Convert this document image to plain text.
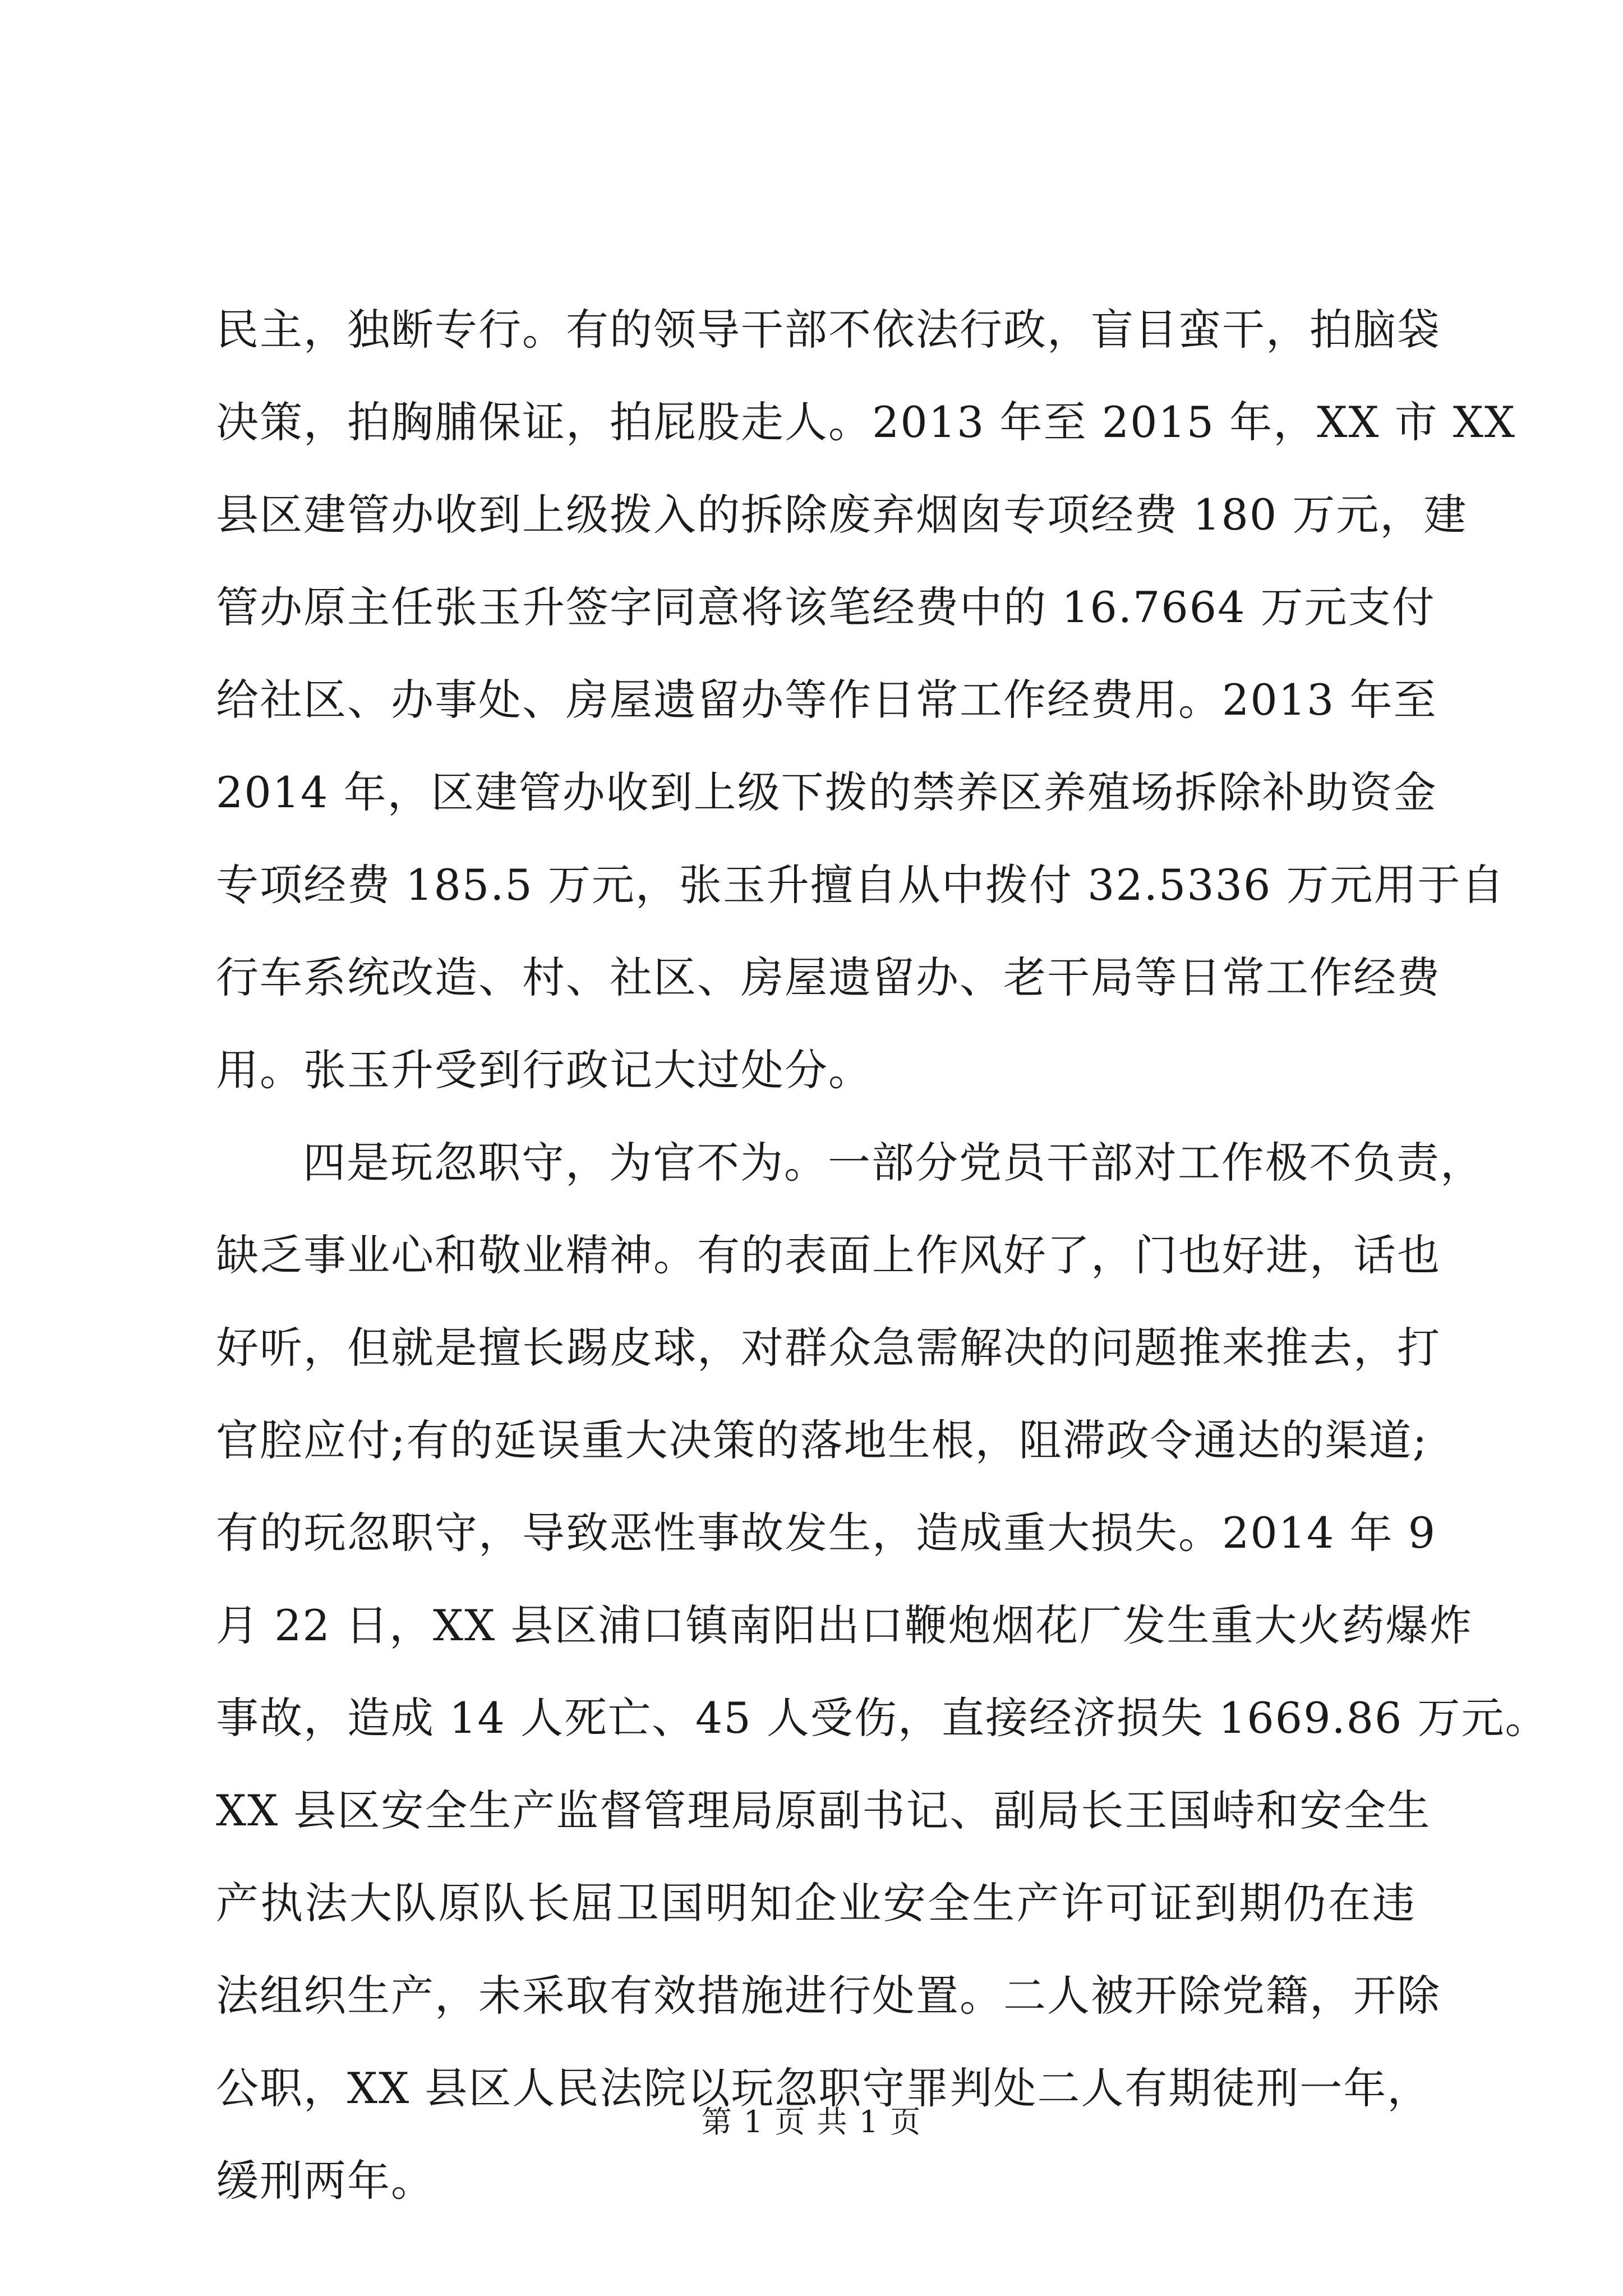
民主，独断专行。有的领导干部不依法行政，盲目蛮干，拍脑袋
决策，拍胸脯保证，拍屁股走人。2013 年至 2015 年，XX 市 XX
县区建管办收到上级拨入的拆除废弃烟囱专项经费 180 万元，建
管办原主任张玉升签字同意将该笔经费中的 16.7664 万元支付
给社区、办事处、房屋遗留办等作日常工作经费用。2013 年至
2014 年，区建管办收到上级下拨的禁养区养殖场拆除补助资金
专项经费 185.5 万元，张玉升擅自从中拨付 32.5336 万元用于自
行车系统改造、村、社区、房屋遗留办、老干局等日常工作经费
用。张玉升受到行政记大过处分。
四是玩忽职守，为官不为。一部分党员干部对工作极不负责，
缺乏事业心和敬业精神。有的表面上作风好了，门也好进，话也
好听，但就是擅长踢皮球，对群众急需解决的问题推来推去，打
官腔应付;有的延误重大决策的落地生根，阻滞政令通达的渠道;
有的玩忽职守，导致恶性事故发生，造成重大损失。2014 年 9
月 22 日，XX 县区浦口镇南阳出口鞭炮烟花厂发生重大火药爆炸
事故，造成 14 人死亡、45 人受伤，直接经济损失 1669.86 万元。
XX 县区安全生产监督管理局原副书记、副局长王国峙和安全生
产执法大队原队长屈卫国明知企业安全生产许可证到期仍在违
法组织生产，未采取有效措施进行处置。二人被开除党籍，开除
公职，XX 县区人民法院以玩忽职守罪判处二人有期徒刑一年，
缓刑两年。
第 1 页 共 1 页
